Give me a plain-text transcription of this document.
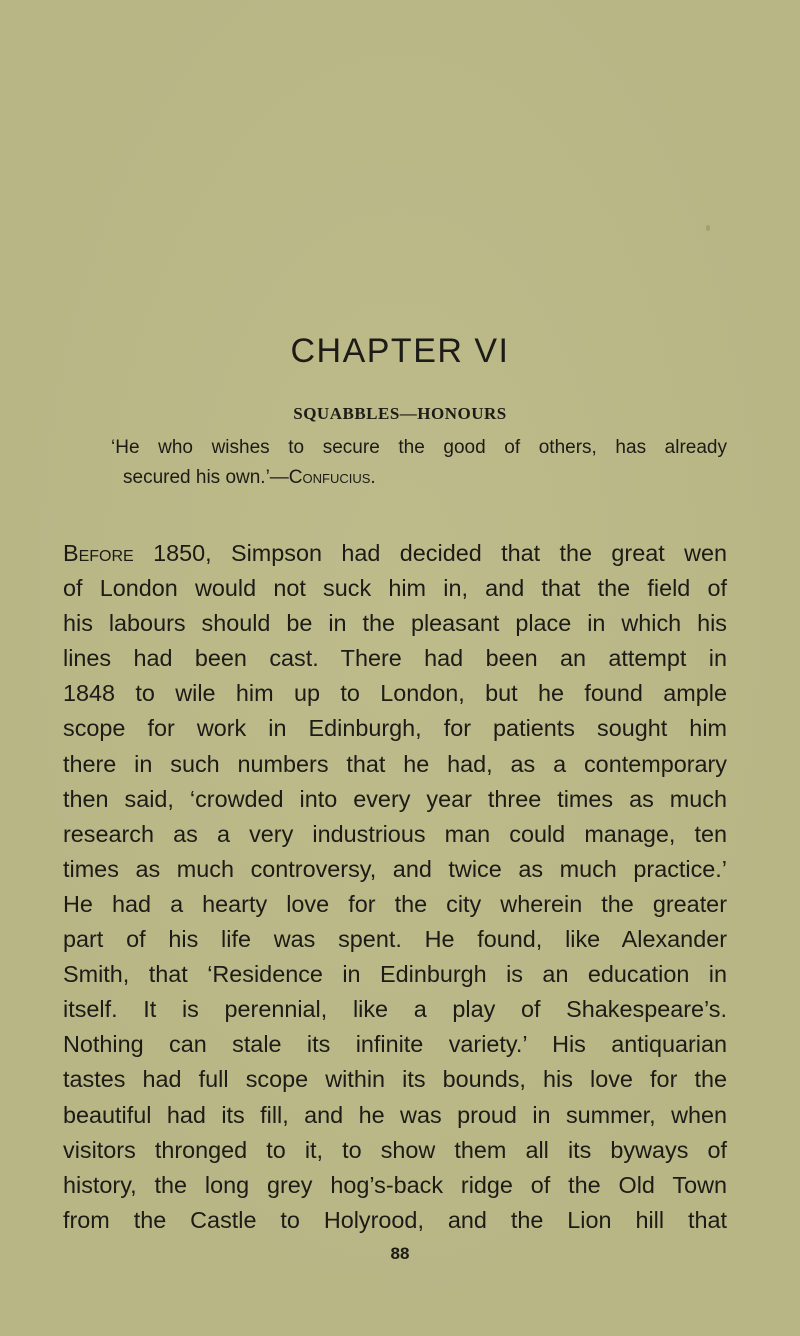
CHAPTER VI
SQUABBLES—HONOURS

‘He who wishes to secure the good of others, has already
secured his own.’—Confucius.

Before 1850, Simpson had decided that the great wen
of London would not suck him in, and that the field of
his labours should be in the pleasant place in which his
lines had been cast. There had been an attempt in
1848 to wile him up to London, but he found ample
scope for work in Edinburgh, for patients sought him
there in such numbers that he had, as a contemporary
then said, ‘crowded into every year three times as much
research as a very industrious man could manage, ten
times as much controversy, and twice as much practice.’
He had a hearty love for the city wherein the greater
part of his life was spent. He found, like Alexander
Smith, that ‘Residence in Edinburgh is an education in
itself. It is perennial, like a play of Shakespeare’s.
Nothing can stale its infinite variety.’ His antiquarian
tastes had full scope within its bounds, his love for the
beautiful had its fill, and he was proud in summer, when
visitors thronged to it, to show them all its byways of
history, the long grey hog’s-back ridge of the Old Town
from the Castle to Holyrood, and the Lion hill that
88
